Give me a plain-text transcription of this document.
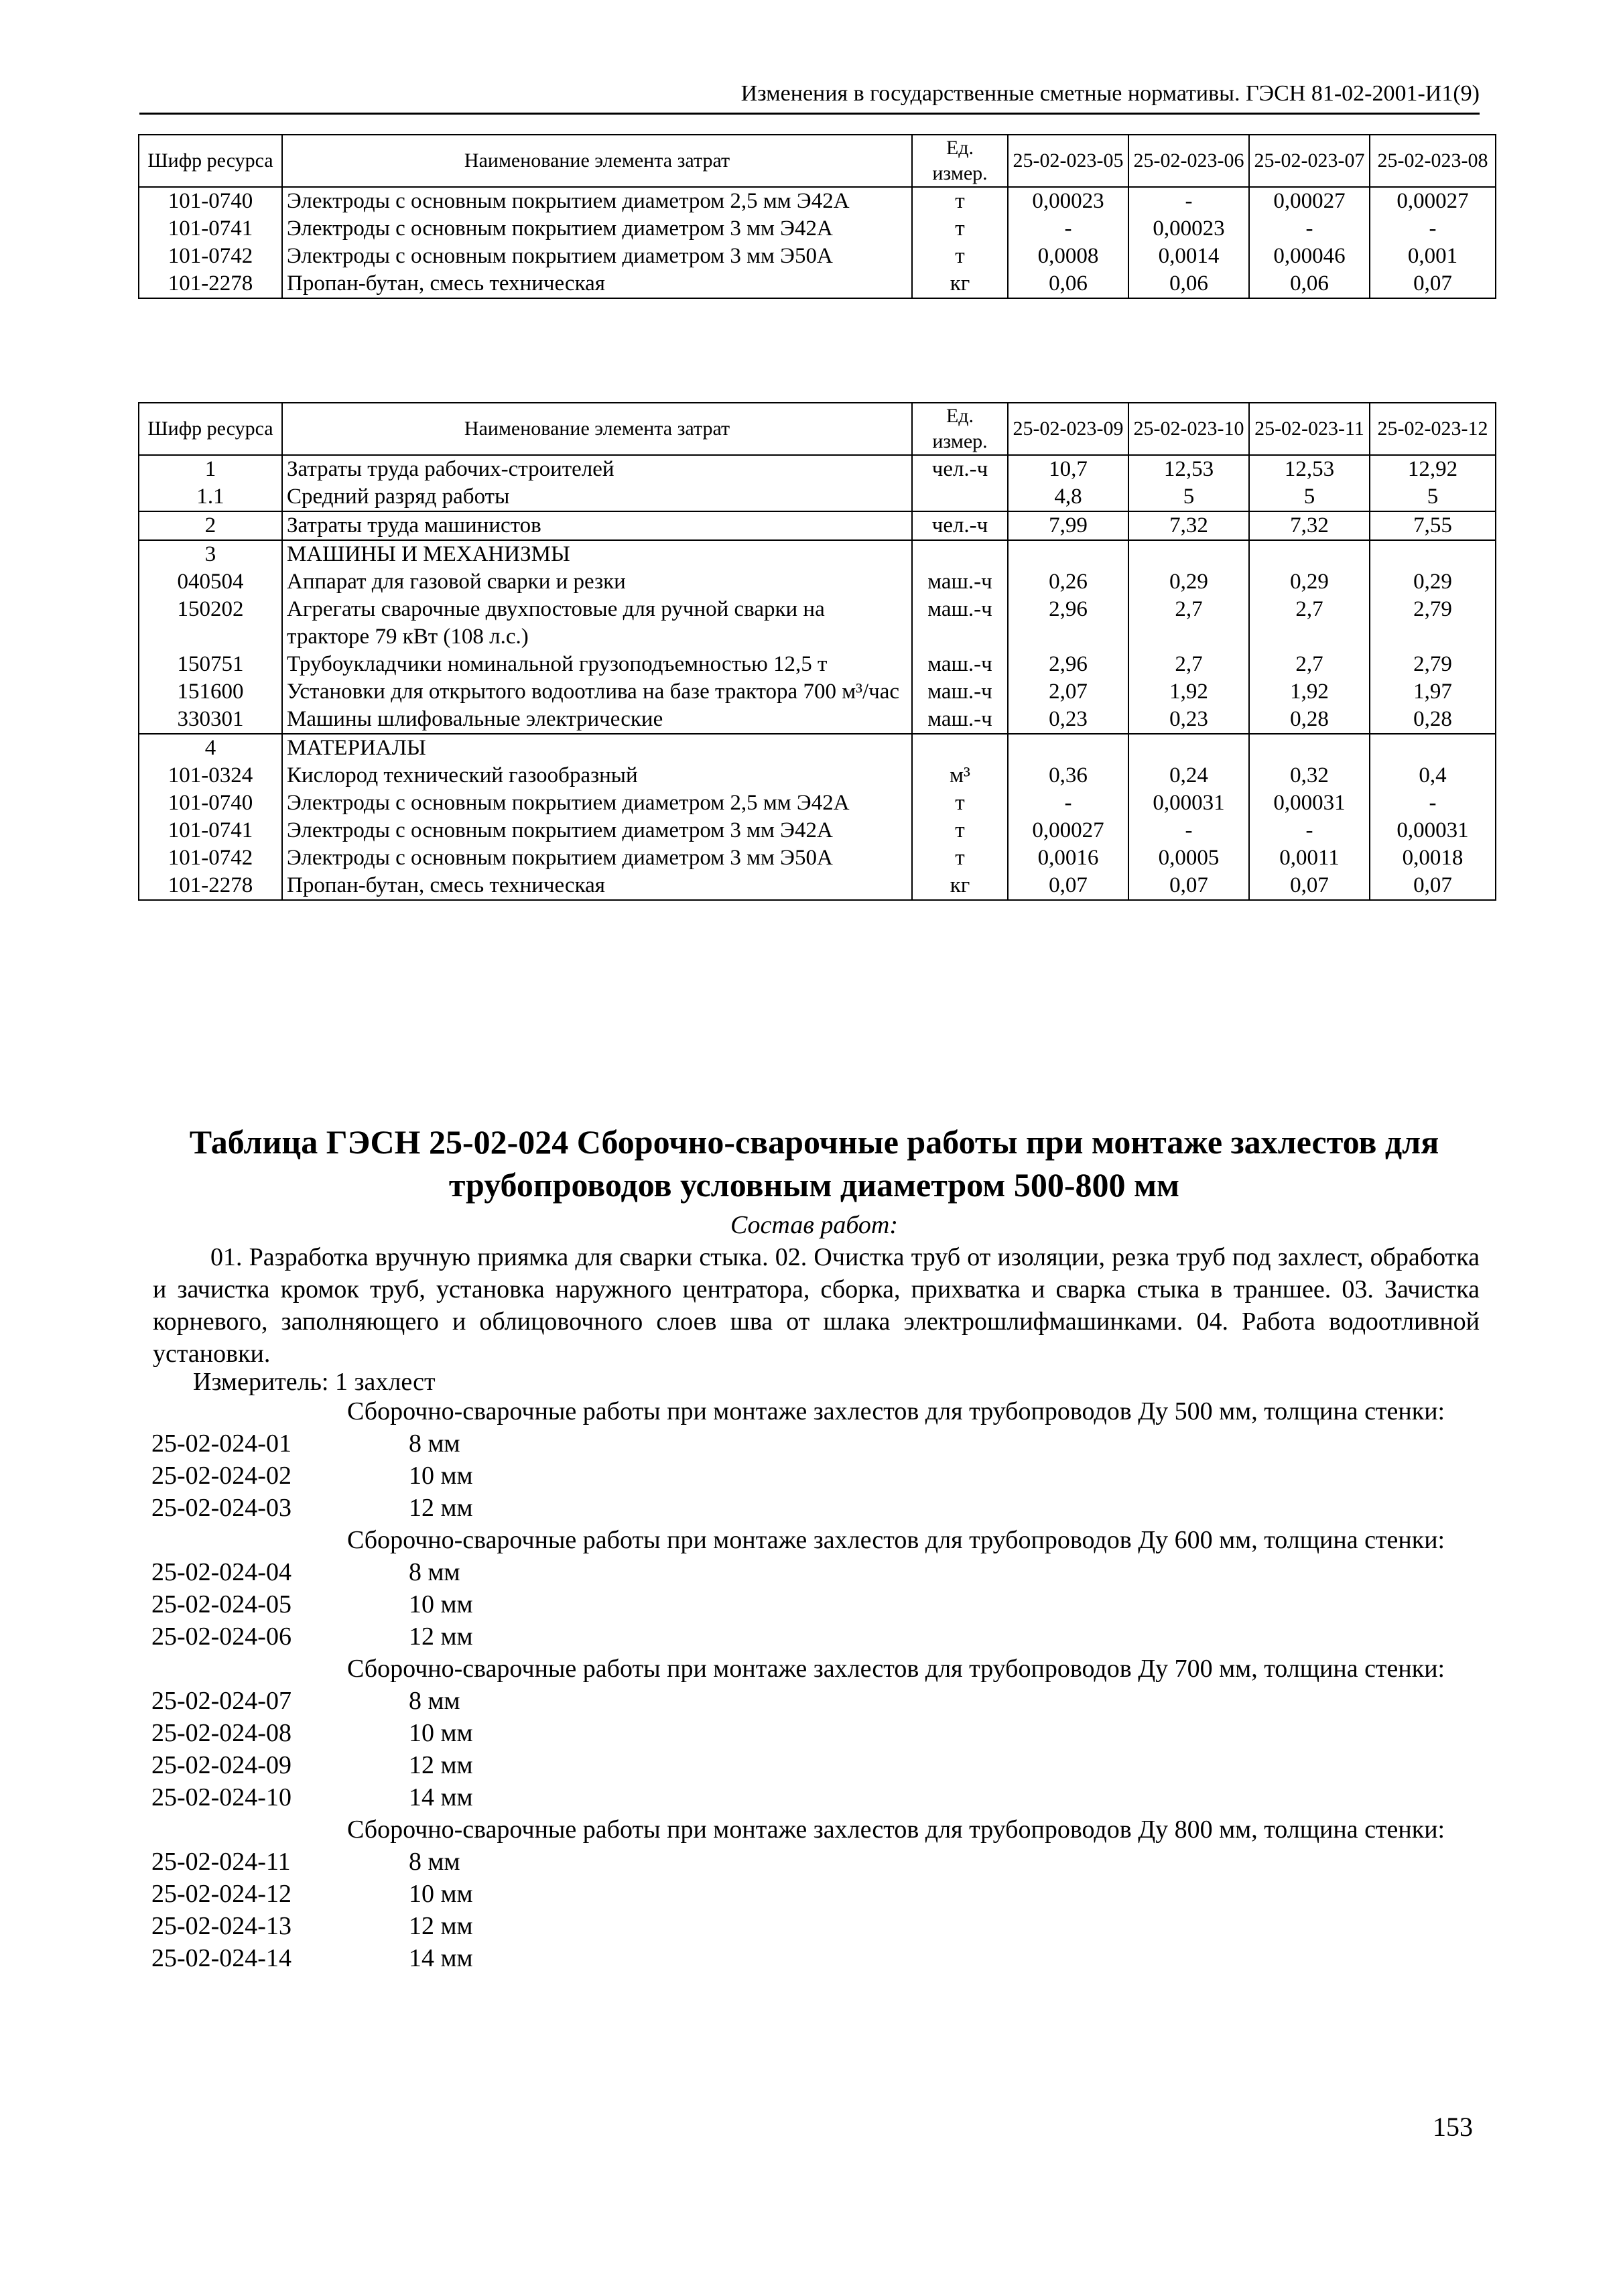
Изменения в государственные сметные нормативы. ГЭСН 81-02-2001-И1(9)
Шифр ресурса	Наименование элемента затрат	Ед. измер.	25-02-023-05	25-02-023-06	25-02-023-07	25-02-023-08
101-0740	Электроды с основным покрытием диаметром 2,5 мм Э42А	т	0,00023	-	0,00027	0,00027
101-0741	Электроды с основным покрытием диаметром 3 мм Э42А	т	-	0,00023	-	-
101-0742	Электроды с основным покрытием диаметром 3 мм Э50А	т	0,0008	0,0014	0,00046	0,001
101-2278	Пропан-бутан, смесь техническая	кг	0,06	0,06	0,06	0,07
Шифр ресурса	Наименование элемента затрат	Ед. измер.	25-02-023-09	25-02-023-10	25-02-023-11	25-02-023-12
1	Затраты труда рабочих-строителей	чел.-ч	10,7	12,53	12,53	12,92
1.1	Средний разряд работы		4,8	5	5	5
2	Затраты труда машинистов	чел.-ч	7,99	7,32	7,32	7,55
3	МАШИНЫ И МЕХАНИЗМЫ					
040504	Аппарат для газовой сварки и резки	маш.-ч	0,26	0,29	0,29	0,29
150202	Агрегаты сварочные двухпостовые для ручной сварки на тракторе 79 кВт (108 л.с.)	маш.-ч	2,96	2,7	2,7	2,79
150751	Трубоукладчики номинальной грузоподъемностью 12,5 т	маш.-ч	2,96	2,7	2,7	2,79
151600	Установки для открытого водоотлива на базе трактора 700 м³/час	маш.-ч	2,07	1,92	1,92	1,97
330301	Машины шлифовальные электрические	маш.-ч	0,23	0,23	0,28	0,28
4	МАТЕРИАЛЫ					
101-0324	Кислород технический газообразный	м³	0,36	0,24	0,32	0,4
101-0740	Электроды с основным покрытием диаметром 2,5 мм Э42А	т	-	0,00031	0,00031	-
101-0741	Электроды с основным покрытием диаметром 3 мм Э42А	т	0,00027	-	-	0,00031
101-0742	Электроды с основным покрытием диаметром 3 мм Э50А	т	0,0016	0,0005	0,0011	0,0018
101-2278	Пропан-бутан, смесь техническая	кг	0,07	0,07	0,07	0,07
Таблица ГЭСН 25-02-024 Сборочно-сварочные работы при монтаже захлестов для
трубопроводов условным диаметром 500-800 мм
Состав работ:

01. Разработка вручную приямка для сварки стыка. 02. Очистка труб от изоляции, резка труб под захлест, обработка и зачистка кромок труб, установка наружного центратора, сборка, прихватка и сварка стыка в траншее. 03. Зачистка корневого, заполняющего и облицовочного слоев шва от шлака электрошлифмашинками. 04. Работа водоотливной установки.

Измеритель: 1 захлест
Сборочно-сварочные работы при монтаже захлестов для трубопроводов Ду 500 мм, толщина стенки:
25-02-024-01	8 мм
25-02-024-02	10 мм
25-02-024-03	12 мм
Сборочно-сварочные работы при монтаже захлестов для трубопроводов Ду 600 мм, толщина стенки:
25-02-024-04	8 мм
25-02-024-05	10 мм
25-02-024-06	12 мм
Сборочно-сварочные работы при монтаже захлестов для трубопроводов Ду 700 мм, толщина стенки:
25-02-024-07	8 мм
25-02-024-08	10 мм
25-02-024-09	12 мм
25-02-024-10	14 мм
Сборочно-сварочные работы при монтаже захлестов для трубопроводов Ду 800 мм, толщина стенки:
25-02-024-11	8 мм
25-02-024-12	10 мм
25-02-024-13	12 мм
25-02-024-14	14 мм
153
